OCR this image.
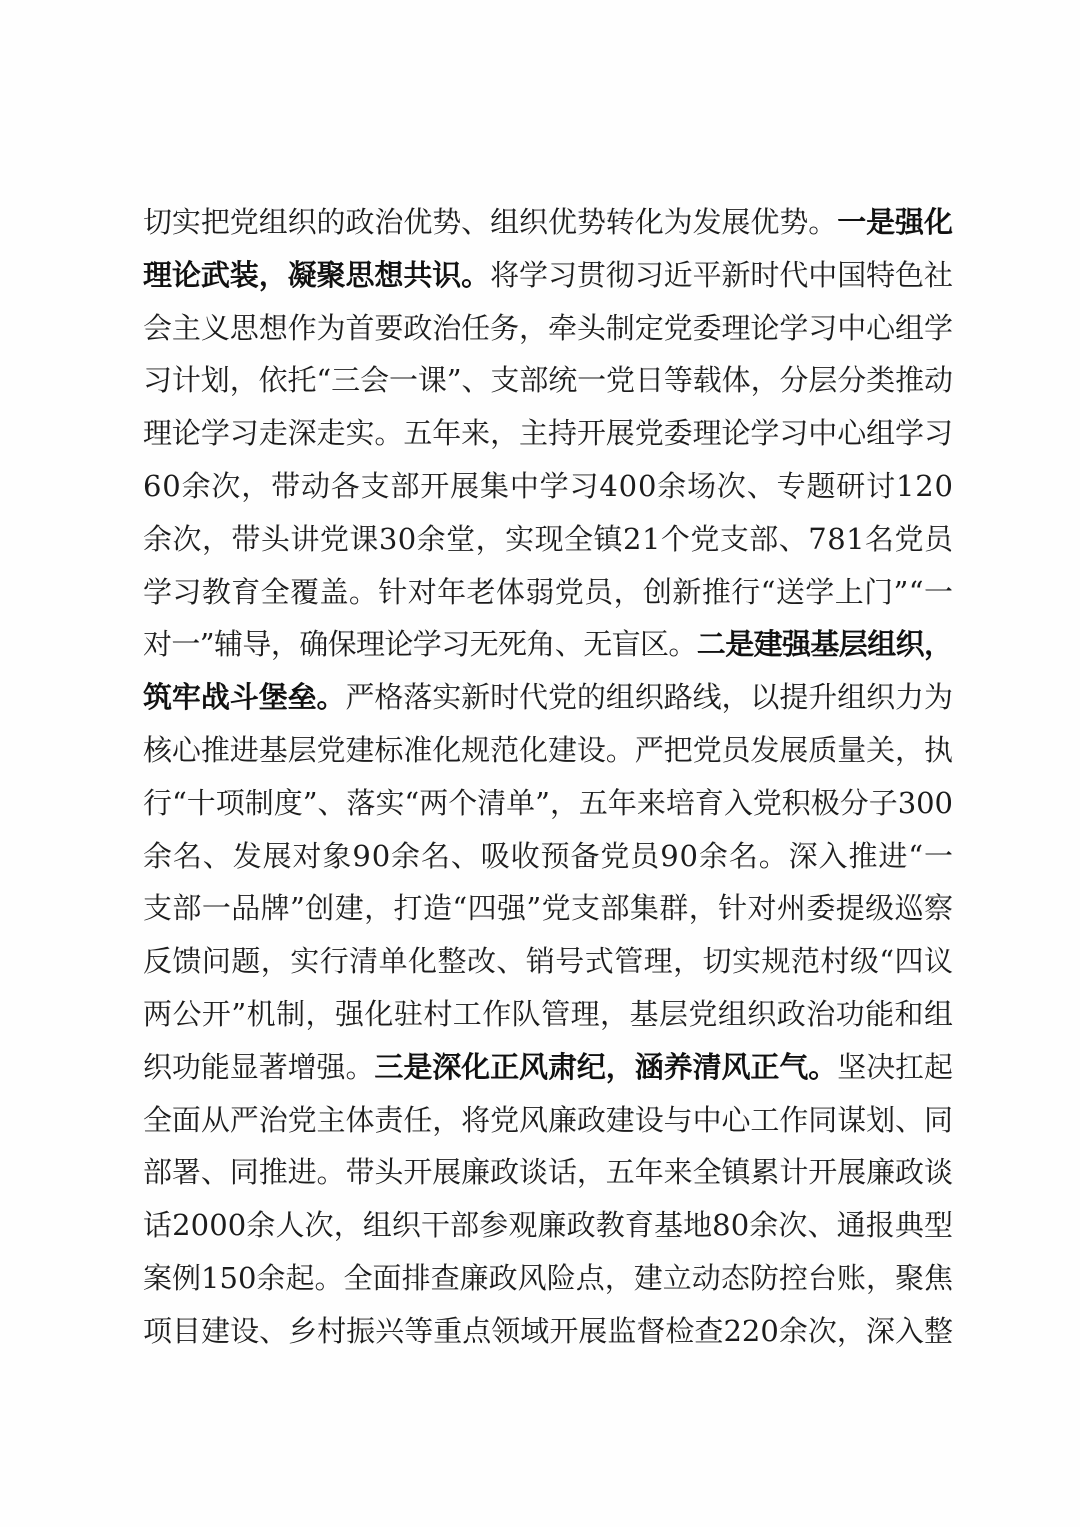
切实把党组织的政治优势、组织优势转化为发展优势。一是强化
理论武装，凝聚思想共识。将学习贯彻习近平新时代中国特色社
会主义思想作为首要政治任务，牵头制定党委理论学习中心组学
习计划，依托“三会一课”、支部统一党日等载体，分层分类推动
理论学习走深走实。五年来，主持开展党委理论学习中心组学习
60余次，带动各支部开展集中学习400余场次、专题研讨120
余次，带头讲党课30余堂，实现全镇21个党支部、781名党员
学习教育全覆盖。针对年老体弱党员，创新推行“送学上门”“一
对一”辅导，确保理论学习无死角、无盲区。二是建强基层组织，
筑牢战斗堡垒。严格落实新时代党的组织路线，以提升组织力为
核心推进基层党建标准化规范化建设。严把党员发展质量关，执
行“十项制度”、落实“两个清单”，五年来培育入党积极分子300
余名、发展对象90余名、吸收预备党员90余名。深入推进“一
支部一品牌”创建，打造“四强”党支部集群，针对州委提级巡察
反馈问题，实行清单化整改、销号式管理，切实规范村级“四议
两公开”机制，强化驻村工作队管理，基层党组织政治功能和组
织功能显著增强。三是深化正风肃纪，涵养清风正气。坚决扛起
全面从严治党主体责任，将党风廉政建设与中心工作同谋划、同
部署、同推进。带头开展廉政谈话，五年来全镇累计开展廉政谈
话2000余人次，组织干部参观廉政教育基地80余次、通报典型
案例150余起。全面排查廉政风险点，建立动态防控台账，聚焦
项目建设、乡村振兴等重点领域开展监督检查220余次，深入整
